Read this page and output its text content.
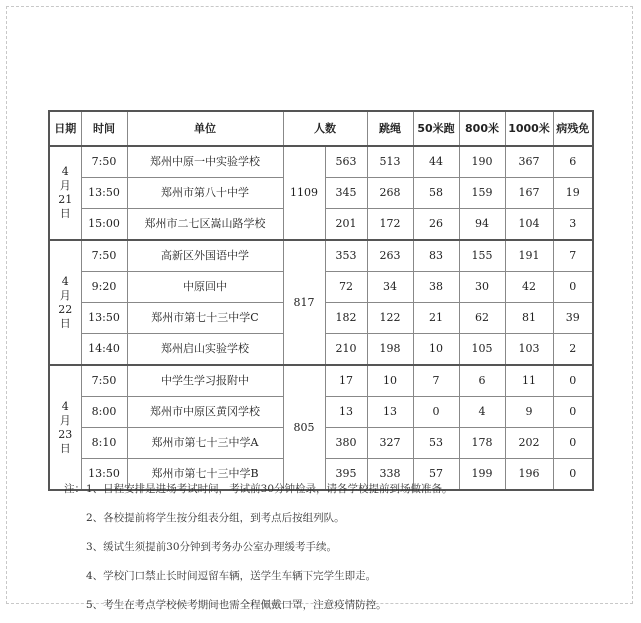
日期	时间	单位	人数		跳绳	50米跑	800米	1000米	病残免

4
月
21
日	7:50	郑州中原一中实验学校	1109	563	513	44	190	367	6
	13:50	郑州市第八十中学		345	268	58	159	167	19
	15:00	郑州市二七区嵩山路学校		201	172	26	94	104	3

4
月
22
日	7:50	高新区外国语中学	817	353	263	83	155	191	7
	9:20	中原回中		72	34	38	30	42	0
	13:50	郑州市第七十三中学C		182	122	21	62	81	39
	14:40	郑州启山实验学校		210	198	10	105	103	2

4
月
23
日	7:50	中学生学习报附中	805	17	10	7	6	11	0
	8:00	郑州市中原区黄冈学校		13	13	0	4	9	0
	8:10	郑州市第七十三中学A		380	327	53	178	202	0
	13:50	郑州市第七十三中学B		395	338	57	199	196	0
注：1、日程安排是进场考试时间，考试前30分钟检录，请各学校提前到场做准备。
2、各校提前将学生按分组表分组，到考点后按组列队。
3、缓试生须提前30分钟到考务办公室办理缓考手续。
4、学校门口禁止长时间逗留车辆，送学生车辆下完学生即走。
5、考生在考点学校候考期间也需全程佩戴口罩，注意疫情防控。
